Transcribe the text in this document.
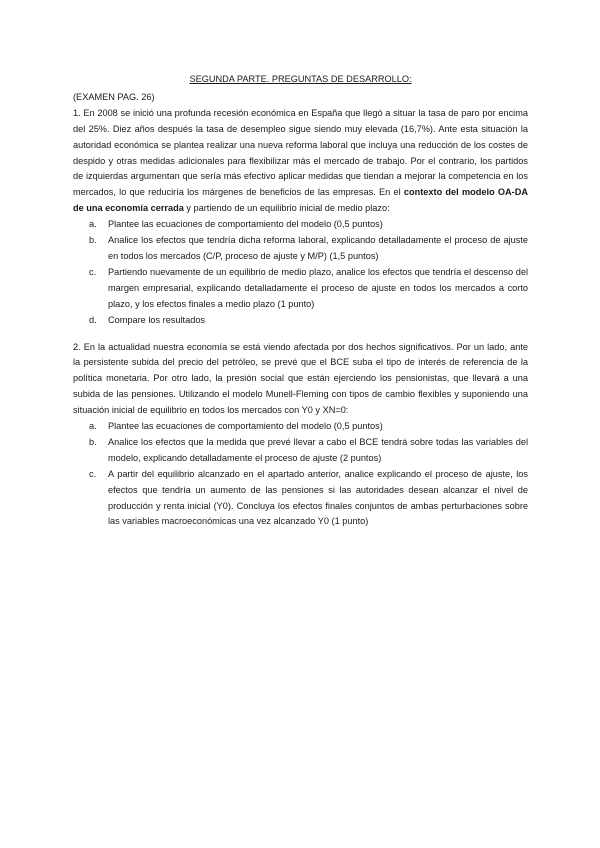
SEGUNDA PARTE. PREGUNTAS DE DESARROLLO:

(EXAMEN PAG. 26)

1. En 2008 se inició una profunda recesión económica en España que llegó a situar la tasa de paro por encima del 25%. Diez años después la tasa de desempleo sigue siendo muy elevada (16,7%). Ante esta situación la autoridad económica se plantea realizar una nueva reforma laboral que incluya una reducción de los costes de despido y otras medidas adicionales para flexibilizar más el mercado de trabajo. Por el contrario, los partidos de izquierdas argumentan que sería más efectivo aplicar medidas que tiendan a mejorar la competencia en los mercados, lo que reduciría los márgenes de beneficios de las empresas. En el contexto del modelo OA-DA de una economía cerrada y partiendo de un equilibrio inicial de medio plazo:

a. Plantee las ecuaciones de comportamiento del modelo (0,5 puntos)
b. Analice los efectos que tendría dicha reforma laboral, explicando detalladamente el proceso de ajuste en todos los mercados (C/P, proceso de ajuste y M/P) (1,5 puntos)
c. Partiendo nuevamente de un equilibrio de medio plazo, analice los efectos que tendría el descenso del margen empresarial, explicando detalladamente el proceso de ajuste en todos los mercados a corto plazo, y los efectos finales a medio plazo (1 punto)
d. Compare los resultados

2. En la actualidad nuestra economía se está viendo afectada por dos hechos significativos. Por un lado, ante la persistente subida del precio del petróleo, se prevé que el BCE suba el tipo de interés de referencia de la política monetaria. Por otro lado, la presión social que están ejerciendo los pensionistas, que llevará a una subida de las pensiones. Utilizando el modelo Munell-Fleming con tipos de cambio flexibles y suponiendo una situación inicial de equilibrio en todos los mercados con Y0 y XN=0:

a. Plantee las ecuaciones de comportamiento del modelo (0,5 puntos)
b. Analice los efectos que la medida que prevé llevar a cabo el BCE tendrá sobre todas las variables del modelo, explicando detalladamente el proceso de ajuste (2 puntos)
c. A partir del equilibrio alcanzado en el apartado anterior, analice explicando el proceso de ajuste, los efectos que tendría un aumento de las pensiones si las autoridades desean alcanzar el nivel de producción y renta inicial (Y0). Concluya los efectos finales conjuntos de ambas perturbaciones sobre las variables macroeconómicas una vez alcanzado Y0 (1 punto)
